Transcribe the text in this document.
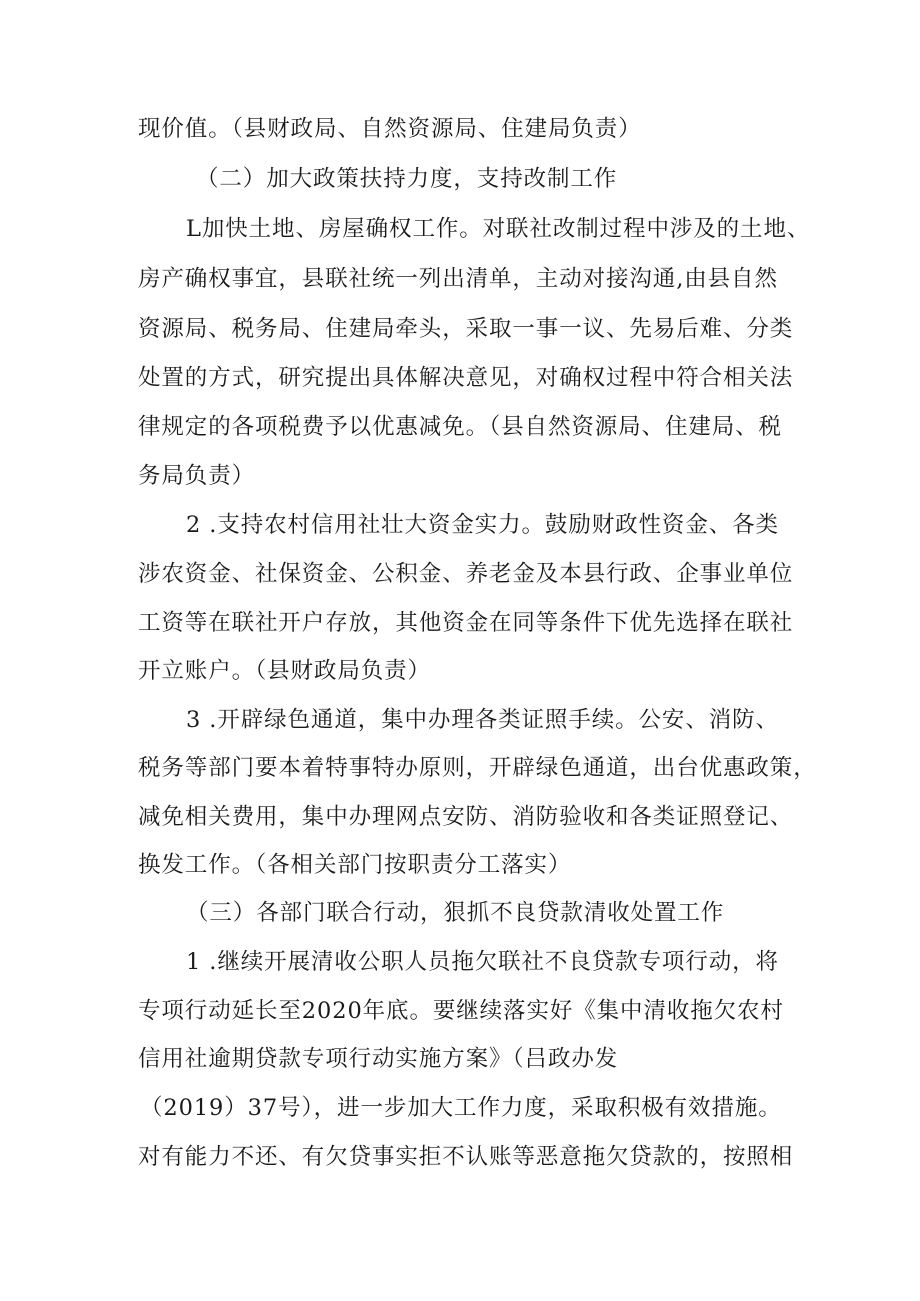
现价值。（县财政局、自然资源局、住建局负责）
（二）加大政策扶持力度，支持改制工作
L加快土地、房屋确权工作。对联社改制过程中涉及的土地、
房产确权事宜，县联社统一列出清单，主动对接沟通,由县自然
资源局、税务局、住建局牵头，采取一事一议、先易后难、分类
处置的方式，研究提出具体解决意见，对确权过程中符合相关法
律规定的各项税费予以优惠减免。（县自然资源局、住建局、税
务局负责）
2 .支持农村信用社壮大资金实力。鼓励财政性资金、各类
涉农资金、社保资金、公积金、养老金及本县行政、企事业单位
工资等在联社开户存放，其他资金在同等条件下优先选择在联社
开立账户。（县财政局负责）
3 .开辟绿色通道，集中办理各类证照手续。公安、消防、
税务等部门要本着特事特办原则，开辟绿色通道，出台优惠政策，
减免相关费用，集中办理网点安防、消防验收和各类证照登记、
换发工作。（各相关部门按职责分工落实）
（三）各部门联合行动，狠抓不良贷款清收处置工作
1 .继续开展清收公职人员拖欠联社不良贷款专项行动，将
专项行动延长至2020年底。要继续落实好《集中清收拖欠农村
信用社逾期贷款专项行动实施方案》（吕政办发
（2019）37号），进一步加大工作力度，采取积极有效措施。
对有能力不还、有欠贷事实拒不认账等恶意拖欠贷款的，按照相
